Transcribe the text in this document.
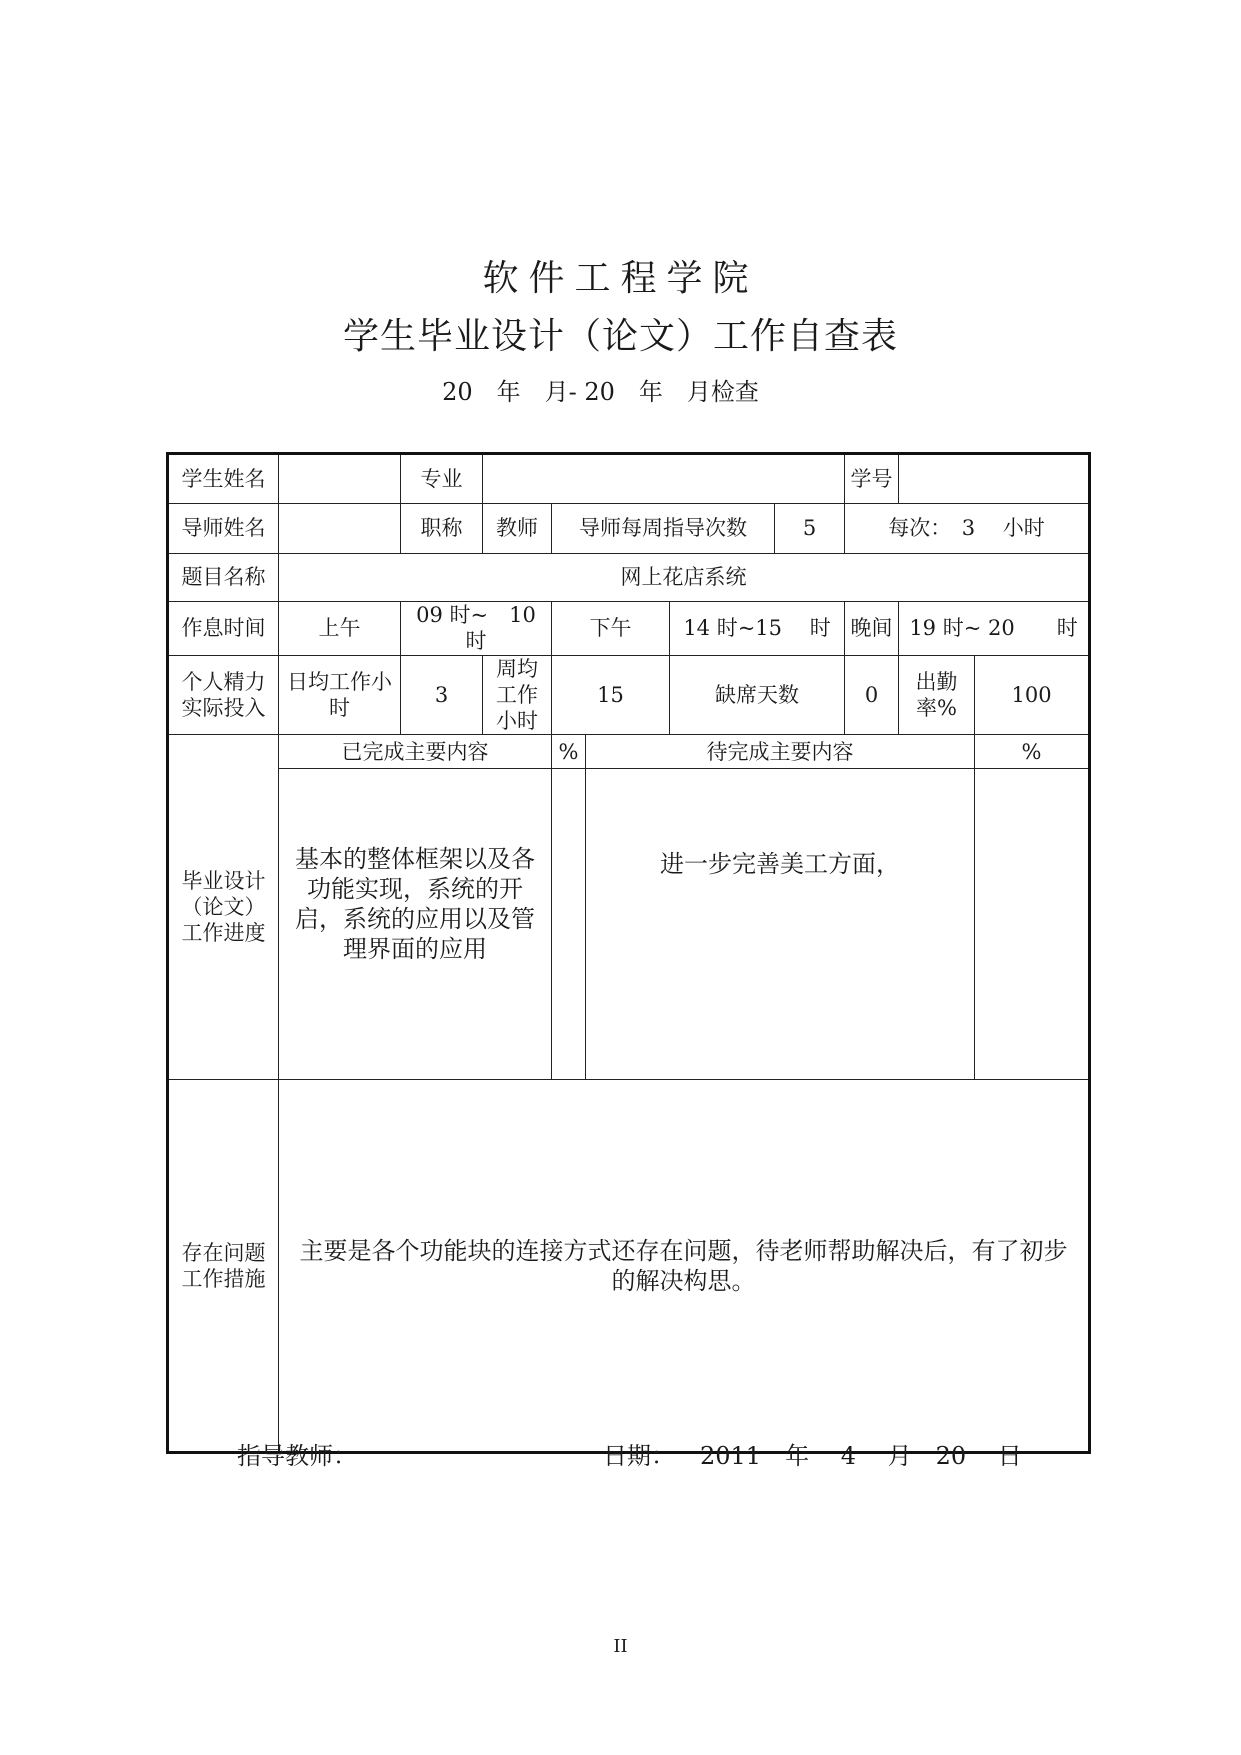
软件工程学院
学生毕业设计（论文）工作自查表
20　年　月- 20　年　月检查
学生姓名		专业						学号		
导师姓名		职称	教师	导师每周指导次数			5	每次：　3　 小时		
题目名称	网上花店系统									
作息时间	上午	09 时~　10　时		下午		14 时~15　 时		晚间	19 时~ 20　　时	
个人精力实际投入	日均工作小时	3	周均工作小时	15		缺席天数		0	出勤率%	100
毕业设计（论文）工作进度	已完成主要内容			%	待完成主要内容					%
	基本的整体框架以及各功能实现，系统的开启，系统的应用以及管理界面的应用				进一步完善美工方面，					
存在问题工作措施	主要是各个功能块的连接方式还存在问题，待老师帮助解决后，有了初步的解决构思。									
指导教师：	日期： 2011　年　 4　 月　20　 日
II
